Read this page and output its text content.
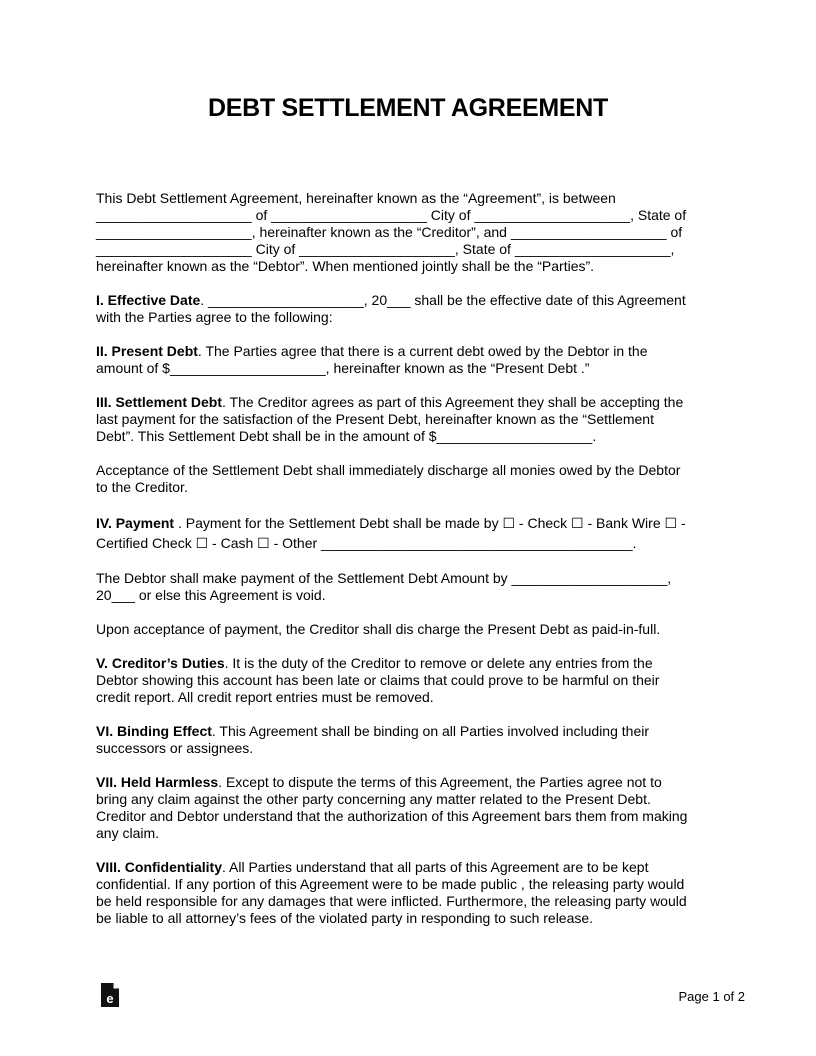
DEBT SETTLEMENT AGREEMENT

This Debt Settlement Agreement, hereinafter known as the “Agreement”, is between
____________________ of ____________________ City of ____________________, State of
____________________, hereinafter known as the “Creditor”, and ____________________ of
____________________ City of ____________________, State of ____________________,
hereinafter known as the “Debtor”. When mentioned jointly shall be the “Parties”.

I. Effective Date. ____________________, 20___ shall be the effective date of this Agreement
with the Parties agree to the following:

II. Present Debt. The Parties agree that there is a current debt owed by the Debtor in the
amount of $____________________, hereinafter known as the “Present Debt .”

III. Settlement Debt. The Creditor agrees as part of this Agreement they shall be accepting the
last payment for the satisfaction of the Present Debt, hereinafter known as the “Settlement
Debt”. This Settlement Debt shall be in the amount of $____________________.

Acceptance of the Settlement Debt shall immediately discharge all monies owed by the Debtor
to the Creditor.

IV. Payment . Payment for the Settlement Debt shall be made by ☐ - Check ☐ - Bank Wire ☐ -
Certified Check ☐ - Cash ☐ - Other ________________________________________.

The Debtor shall make payment of the Settlement Debt Amount by ____________________,
20___ or else this Agreement is void.

Upon acceptance of payment, the Creditor shall dis charge the Present Debt as paid-in-full.

V. Creditor’s Duties. It is the duty of the Creditor to remove or delete any entries from the
Debtor showing this account has been late or claims that could prove to be harmful on their
credit report. All credit report entries must be removed.

VI. Binding Effect. This Agreement shall be binding on all Parties involved including their
successors or assignees.

VII. Held Harmless. Except to dispute the terms of this Agreement, the Parties agree not to
bring any claim against the other party concerning any matter related to the Present Debt.
Creditor and Debtor understand that the authorization of this Agreement bars them from making
any claim.

VIII. Confidentiality. All Parties understand that all parts of this Agreement are to be kept
confidential. If any portion of this Agreement were to be made public , the releasing party would
be held responsible for any damages that were inflicted. Furthermore, the releasing party would
be liable to all attorney’s fees of the violated party in responding to such release.

e	Page 1 of 2
